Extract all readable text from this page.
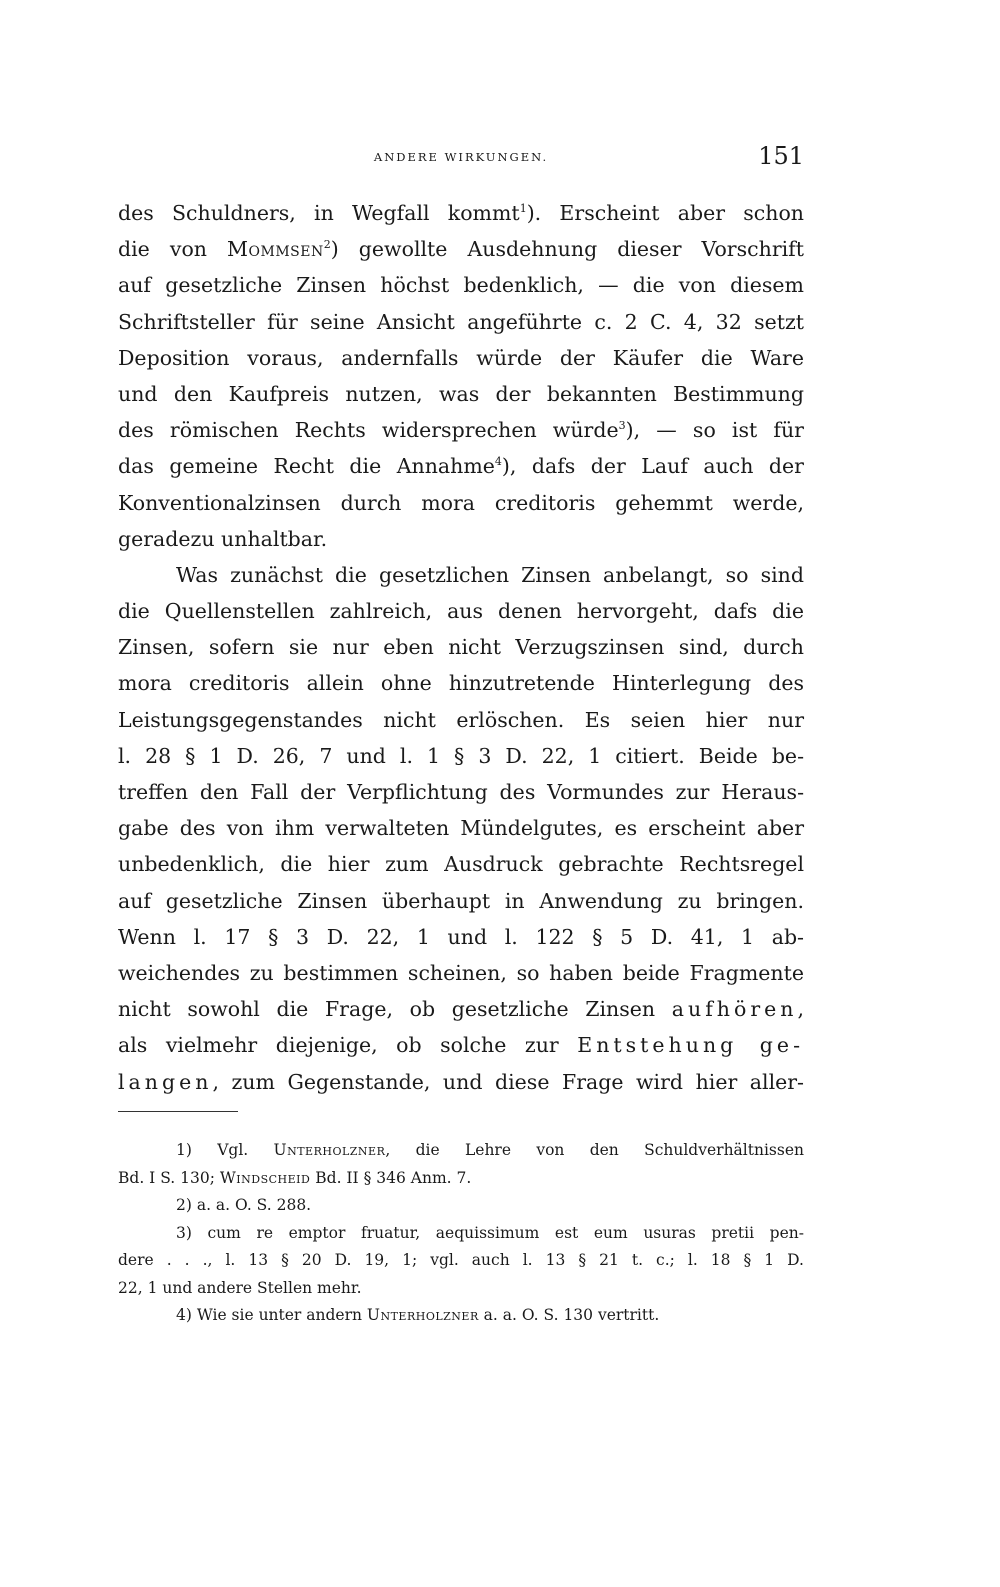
ANDERE WIRKUNGEN.	151
des Schuldners, in Wegfall kommt$^1$). Erscheint aber schon
die von Mommsen$^2$) gewollte Ausdehnung dieser Vorschrift
auf gesetzliche Zinsen höchst bedenklich, — die von diesem
Schriftsteller für seine Ansicht angeführte c. 2 C. 4, 32 setzt
Deposition voraus, andernfalls würde der Käufer die Ware
und den Kaufpreis nutzen, was der bekannten Bestimmung
des römischen Rechts widersprechen würde$^3$), — so ist für
das gemeine Recht die Annahme$^4$), dafs der Lauf auch der
Konventionalzinsen durch mora creditoris gehemmt werde,
geradezu unhaltbar.
Was zunächst die gesetzlichen Zinsen anbelangt, so sind
die Quellenstellen zahlreich, aus denen hervorgeht, dafs die
Zinsen, sofern sie nur eben nicht Verzugszinsen sind, durch
mora creditoris allein ohne hinzutretende Hinterlegung des
Leistungsgegenstandes nicht erlöschen. Es seien hier nur
l. 28 § 1 D. 26, 7 und l. 1 § 3 D. 22, 1 citiert. Beide be-
treffen den Fall der Verpflichtung des Vormundes zur Heraus-
gabe des von ihm verwalteten Mündelgutes, es erscheint aber
unbedenklich, die hier zum Ausdruck gebrachte Rechtsregel
auf gesetzliche Zinsen überhaupt in Anwendung zu bringen.
Wenn l. 17 § 3 D. 22, 1 und l. 122 § 5 D. 41, 1 ab-
weichendes zu bestimmen scheinen, so haben beide Fragmente
nicht sowohl die Frage, ob gesetzliche Zinsen aufhören,
als vielmehr diejenige, ob solche zur Entstehung ge-
langen, zum Gegenstande, und diese Frage wird hier aller-
1) Vgl. Unterholzner, die Lehre von den Schuldverhältnissen
Bd. I S. 130; Windscheid Bd. II § 346 Anm. 7.
2) a. a. O. S. 288.
3) cum re emptor fruatur, aequissimum est eum usuras pretii pen-
dere . . ., l. 13 § 20 D. 19, 1; vgl. auch l. 13 § 21 t. c.; l. 18 § 1 D.
22, 1 und andere Stellen mehr.
4) Wie sie unter andern Unterholzner a. a. O. S. 130 vertritt.
